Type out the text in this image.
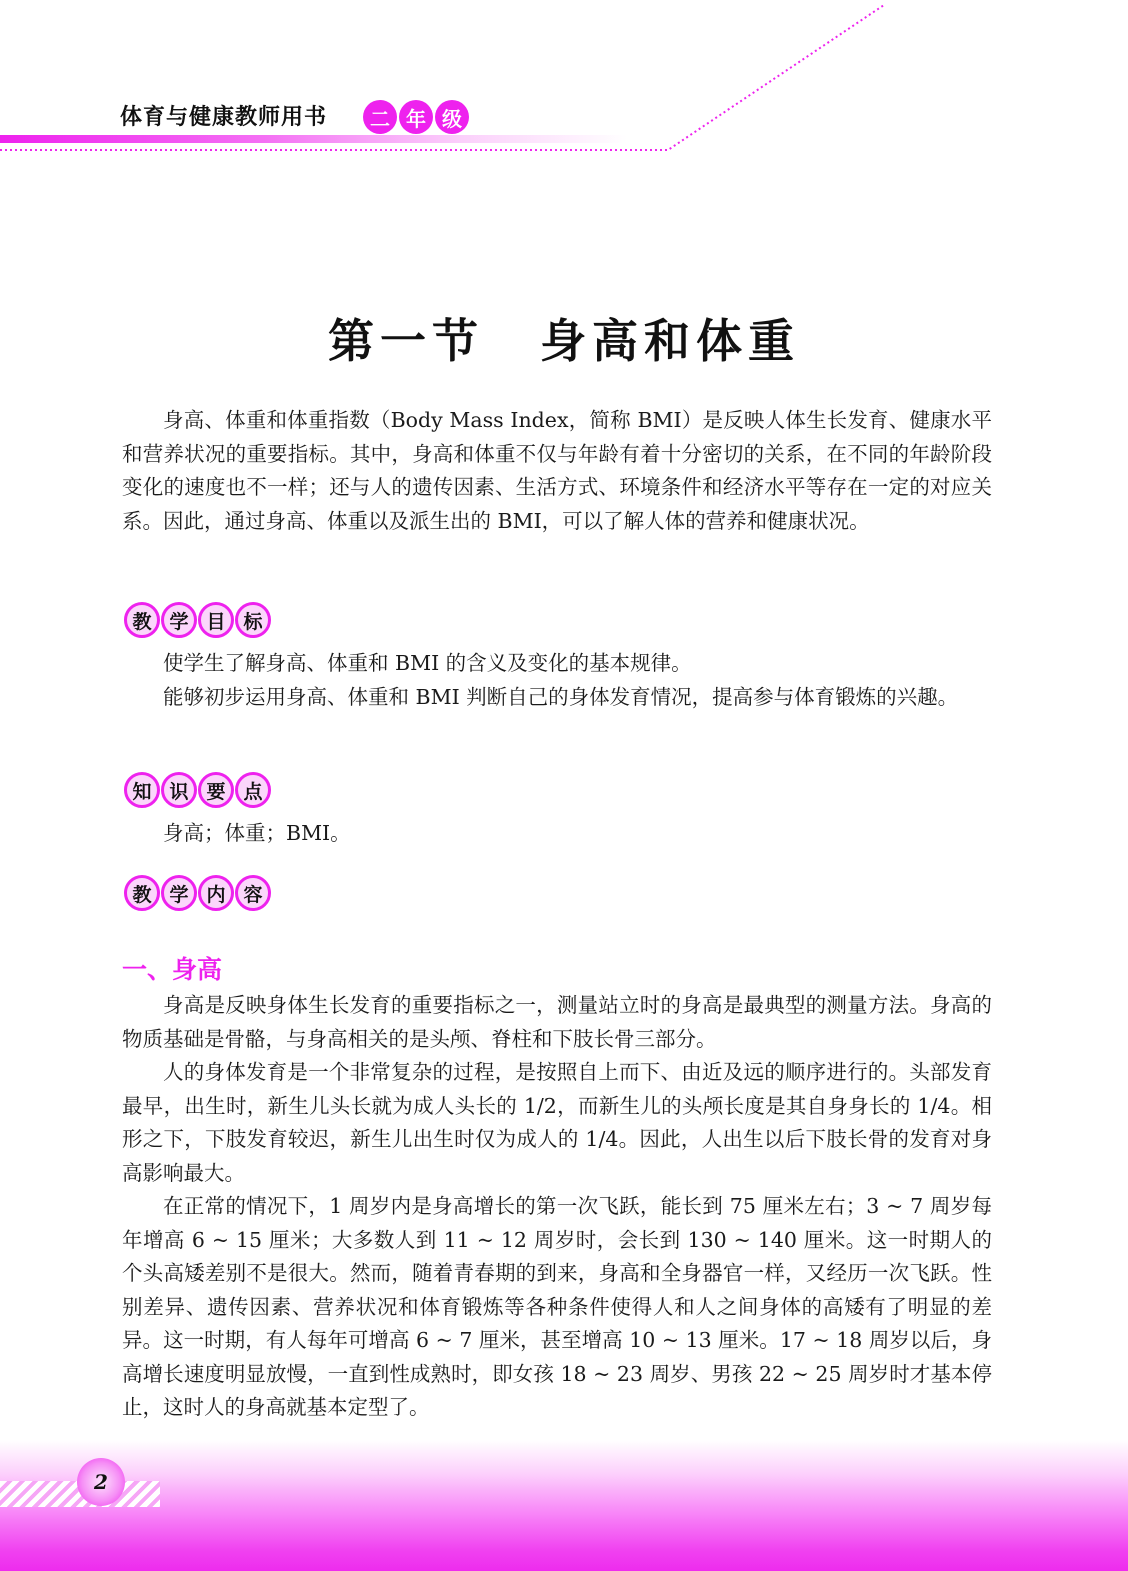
体育与健康教师用书	二 年 级
第一节 身高和体重

身高、体重和体重指数（Body Mass Index，简称 BMI）是反映人体生长发育、健康水平和营养状况的重要指标。其中，身高和体重不仅与年龄有着十分密切的关系，在不同的年龄阶段变化的速度也不一样；还与人的遗传因素、生活方式、环境条件和经济水平等存在一定的对应关系。因此，通过身高、体重以及派生出的 BMI，可以了解人体的营养和健康状况。

教 学 目 标

使学生了解身高、体重和 BMI 的含义及变化的基本规律。

能够初步运用身高、体重和 BMI 判断自己的身体发育情况，提高参与体育锻炼的兴趣。

知 识 要 点

身高；体重；BMI。

教 学 内 容
一、身高

身高是反映身体生长发育的重要指标之一，测量站立时的身高是最典型的测量方法。身高的物质基础是骨骼，与身高相关的是头颅、脊柱和下肢长骨三部分。

人的身体发育是一个非常复杂的过程，是按照自上而下、由近及远的顺序进行的。头部发育最早，出生时，新生儿头长就为成人头长的 1/2，而新生儿的头颅长度是其自身身长的 1/4。相形之下，下肢发育较迟，新生儿出生时仅为成人的 1/4。因此，人出生以后下肢长骨的发育对身高影响最大。

在正常的情况下，1 周岁内是身高增长的第一次飞跃，能长到 75 厘米左右；3 ~ 7 周岁每年增高 6 ~ 15 厘米；大多数人到 11 ~ 12 周岁时，会长到 130 ~ 140 厘米。这一时期人的个头高矮差别不是很大。然而，随着青春期的到来，身高和全身器官一样，又经历一次飞跃。性别差异、遗传因素、营养状况和体育锻炼等各种条件使得人和人之间身体的高矮有了明显的差异。这一时期，有人每年可增高 6 ~ 7 厘米，甚至增高 10 ~ 13 厘米。17 ~ 18 周岁以后，身高增长速度明显放慢，一直到性成熟时，即女孩 18 ~ 23 周岁、男孩 22 ~ 25 周岁时才基本停止，这时人的身高就基本定型了。

2
